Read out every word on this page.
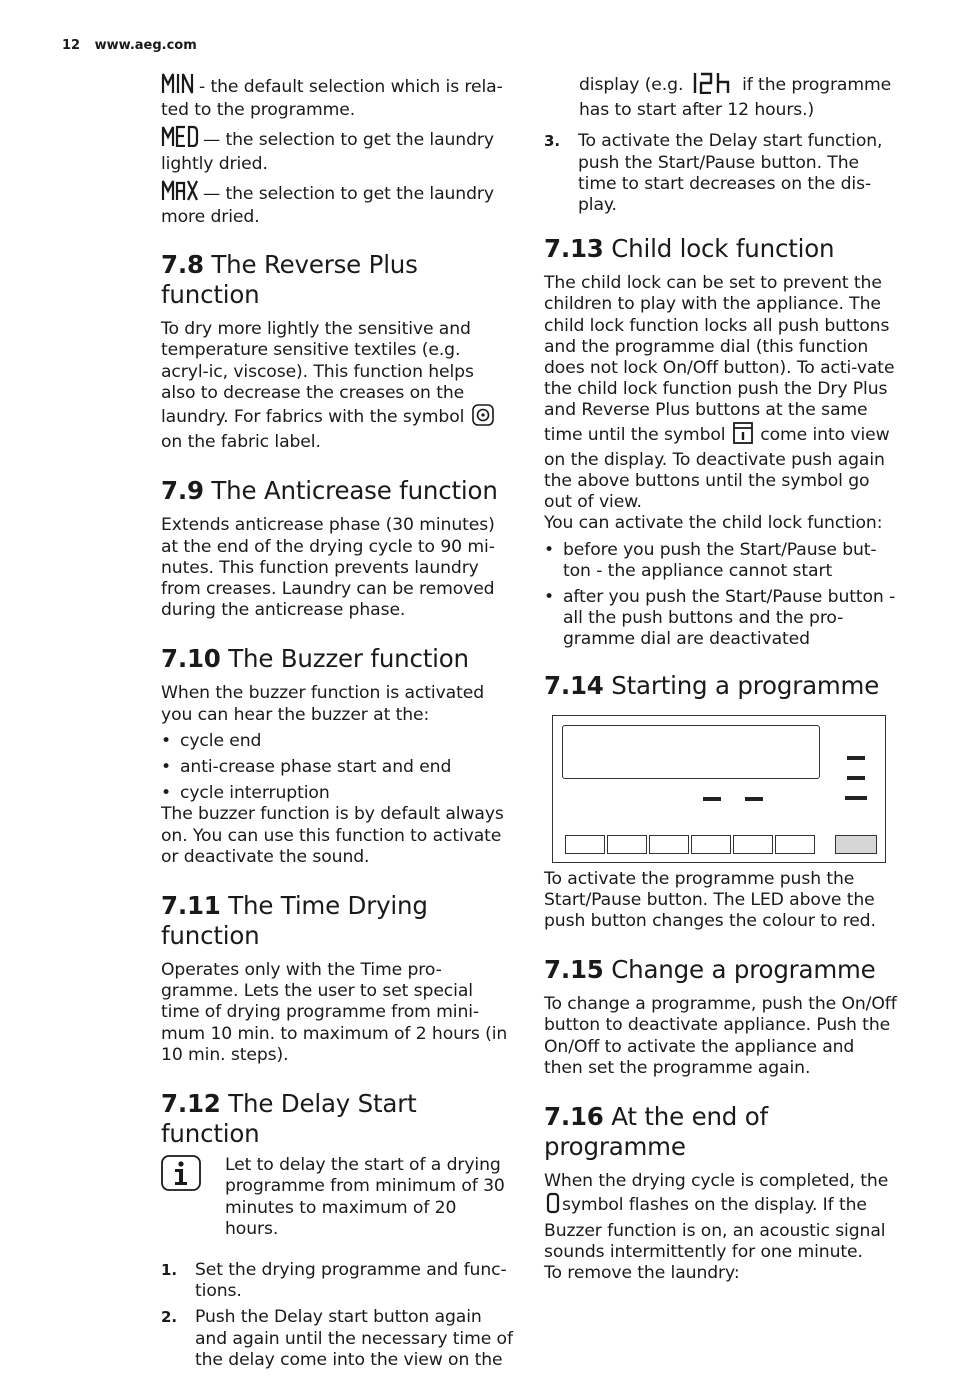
12 www.aeg.com

- the default selection which is rela-ted to the programme.

— the selection to get the laundry lightly dried.

— the selection to get the laundry more dried.

7.8 The Reverse Plus function

To dry more lightly the sensitive and temperature sensitive textiles (e.g. acryl-ic, viscose). This function helps also to decrease the creases on the laundry. For fabrics with the symbol  on the fabric label.

7.9 The Anticrease function

Extends anticrease phase (30 minutes) at the end of the drying cycle to 90 mi-nutes. This function prevents laundry from creases. Laundry can be removed during the anticrease phase.

7.10 The Buzzer function

When the buzzer function is activated you can hear the buzzer at the:

• cycle end
• anti-crease phase start and end
• cycle interruption

The buzzer function is by default always on. You can use this function to activate or deactivate the sound.

7.11 The Time Drying function

Operates only with the Time pro-gramme. Lets the user to set special time of drying programme from mini-mum 10 min. to maximum of 2 hours (in 10 min. steps).

7.12 The Delay Start function

Let to delay the start of a drying programme from minimum of 30 minutes to maximum of 20 hours.

1.	Set the drying programme and func-tions.
2.	Push the Delay start button again and again until the necessary time of the delay come into the view on the

display (e.g.	if the programme has to start after 12 hours.)

3.	To activate the Delay start function, push the Start/Pause button. The time to start decreases on the dis-play.
7.13 Child lock function

The child lock can be set to prevent the children to play with the appliance. The child lock function locks all push buttons and the programme dial (this function does not lock On/Off button). To acti-vate the child lock function push the Dry Plus and Reverse Plus buttons at the same time until the symbol come into view on the display. To deactivate push again the above buttons until the symbol go out of view.

You can activate the child lock function:

• before you push the Start/Pause but-ton - the appliance cannot start
• after you push the Start/Pause button - all the push buttons and the pro-gramme dial are deactivated
7.14 Starting a programme

To activate the programme push the Start/Pause button. The LED above the push button changes the colour to red.

7.15 Change a programme

To change a programme, push the On/Off button to deactivate appliance. Push the On/Off to activate the appliance and then set the programme again.

7.16 At the end of programme

When the drying cycle is completed, the symbol flashes on the display. If the Buzzer function is on, an acoustic signal sounds intermittently for one minute.

To remove the laundry:
